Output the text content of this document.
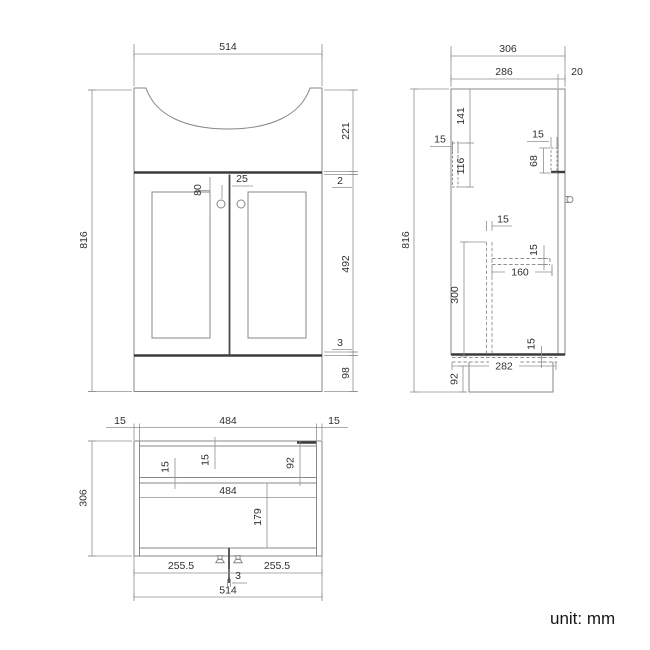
514
816
221
2
492
3
98
80
25
306
286	20
816
141
116
15	15
68
15
300
15
160
15
282
92
15	484	15
306
15
15	92
484
179
255.5	255.5
3
514
unit: mm
